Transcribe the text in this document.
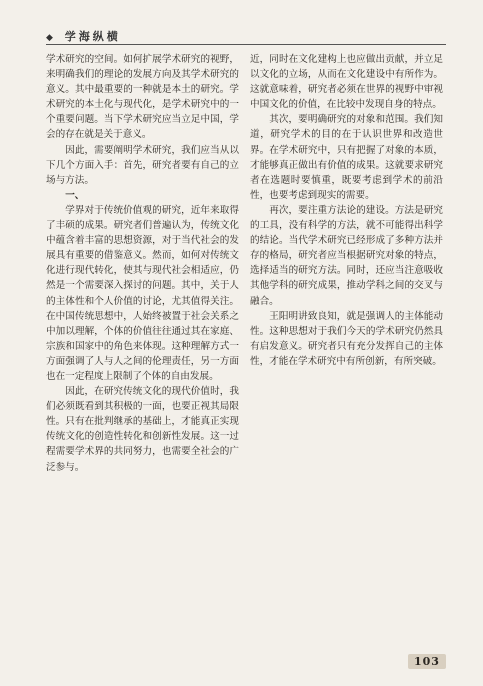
◆ 学海纵横

学术研究的空间。如何扩展学术研究的视野，来明确我们的理论的发展方向及其学术研究的意义。其中最重要的一种就是本土的研究。学术研究的本土化与现代化，是学术研究中的一个重要问题。当下学术研究应当立足中国，学会的存在就是关于意义。

因此，需要阐明学术研究，我们应当从以下几个方面入手：首先，研究者要有自己的立场与方法。

一、

学界对于传统价值观的研究，近年来取得了丰硕的成果。研究者们普遍认为，传统文化中蕴含着丰富的思想资源，对于当代社会的发展具有重要的借鉴意义。然而，如何对传统文化进行现代转化，使其与现代社会相适应，仍然是一个需要深入探讨的问题。其中，关于人的主体性和个人价值的讨论，尤其值得关注。在中国传统思想中，人始终被置于社会关系之中加以理解，个体的价值往往通过其在家庭、宗族和国家中的角色来体现。这种理解方式一方面强调了人与人之间的伦理责任，另一方面也在一定程度上限制了个体的自由发展。

因此，在研究传统文化的现代价值时，我们必须既看到其积极的一面，也要正视其局限性。只有在批判继承的基础上，才能真正实现传统文化的创造性转化和创新性发展。这一过程需要学术界的共同努力，也需要全社会的广泛参与。

近，同时在文化建构上也应做出贡献，并立足以文化的立场，从而在文化建设中有所作为。这就意味着，研究者必须在世界的视野中审视中国文化的价值，在比较中发现自身的特点。

其次，要明确研究的对象和范围。我们知道，研究学术的目的在于认识世界和改造世界。在学术研究中，只有把握了对象的本质，才能够真正做出有价值的成果。这就要求研究者在选题时要慎重，既要考虑到学术的前沿性，也要考虑到现实的需要。

再次，要注重方法论的建设。方法是研究的工具，没有科学的方法，就不可能得出科学的结论。当代学术研究已经形成了多种方法并存的格局，研究者应当根据研究对象的特点，选择适当的研究方法。同时，还应当注意吸收其他学科的研究成果，推动学科之间的交叉与融合。

王阳明讲致良知，就是强调人的主体能动性。这种思想对于我们今天的学术研究仍然具有启发意义。研究者只有充分发挥自己的主体性，才能在学术研究中有所创新，有所突破。

103
